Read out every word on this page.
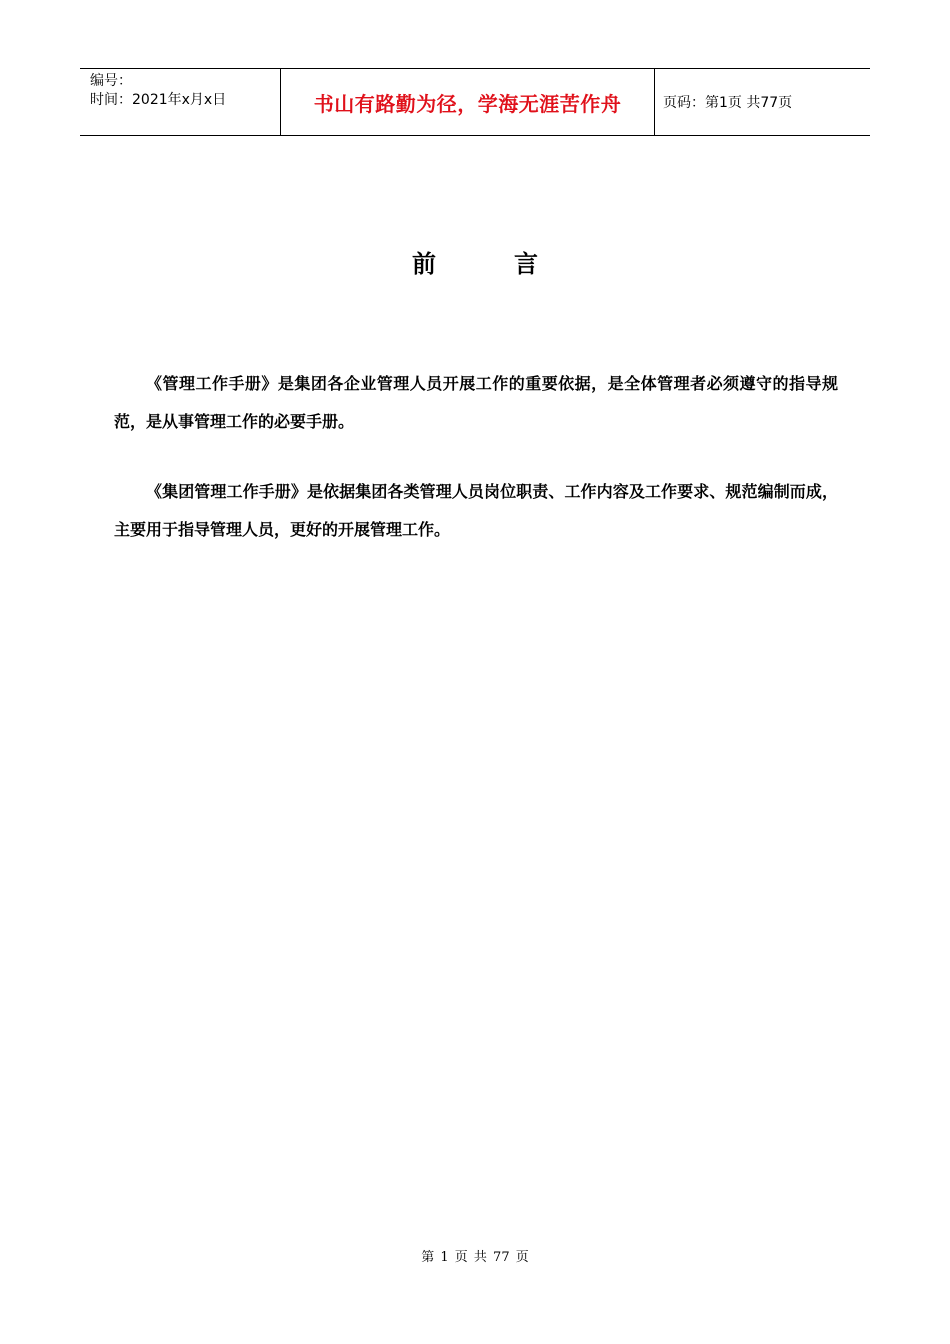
编号：
时间：2021年x月x日	书山有路勤为径，学海无涯苦作舟	页码：第1页 共77页
前言

《管理工作手册》是集团各企业管理人员开展工作的重要依据，是全体管理者必须遵守的指导规范，是从事管理工作的必要手册。

《集团管理工作手册》是依据集团各类管理人员岗位职责、工作内容及工作要求、规范编制而成，主要用于指导管理人员，更好的开展管理工作。

第 1 页 共 77 页
